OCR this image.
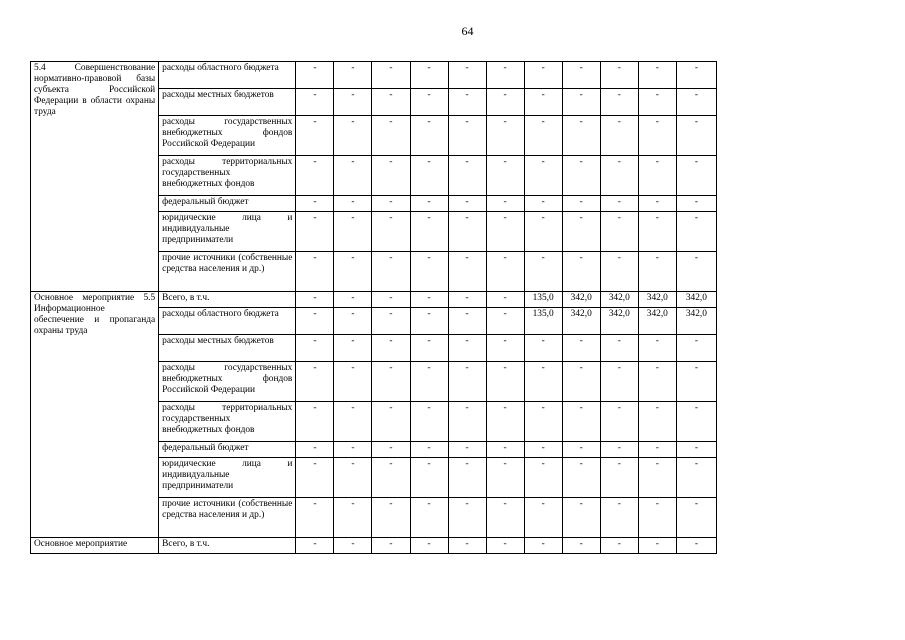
64
5.4 Совершенствование нормативно-правовой базы субъекта Российской Федерации в области охраны труда	расходы областного бюджета	-	-	-	-	-	-	-	-	-	-	-
	расходы местных бюджетов	-	-	-	-	-	-	-	-	-	-	-
	расходы государственных внебюджетных фондов Российской Федерации	-	-	-	-	-	-	-	-	-	-	-
	расходы территориальных государственных внебюджетных фондов	-	-	-	-	-	-	-	-	-	-	-
	федеральный бюджет	-	-	-	-	-	-	-	-	-	-	-
	юридические лица и индивидуальные предприниматели	-	-	-	-	-	-	-	-	-	-	-
	прочие источники (собственные средства населения и др.)	-	-	-	-	-	-	-	-	-	-	-
Основное мероприятие 5.5 Информационное обеспечение и пропаганда охраны труда	Всего, в т.ч.	-	-	-	-	-	-	135,0	342,0	342,0	342,0	342,0
	расходы областного бюджета	-	-	-	-	-	-	135,0	342,0	342,0	342,0	342,0
	расходы местных бюджетов	-	-	-	-	-	-	-	-	-	-	-
	расходы государственных внебюджетных фондов Российской Федерации	-	-	-	-	-	-	-	-	-	-	-
	расходы территориальных государственных внебюджетных фондов	-	-	-	-	-	-	-	-	-	-	-
	федеральный бюджет	-	-	-	-	-	-	-	-	-	-	-
	юридические лица и индивидуальные предприниматели	-	-	-	-	-	-	-	-	-	-	-
	прочие источники (собственные средства населения и др.)	-	-	-	-	-	-	-	-	-	-	-
Основное мероприятие	Всего, в т.ч.	-	-	-	-	-	-	-	-	-	-	-
